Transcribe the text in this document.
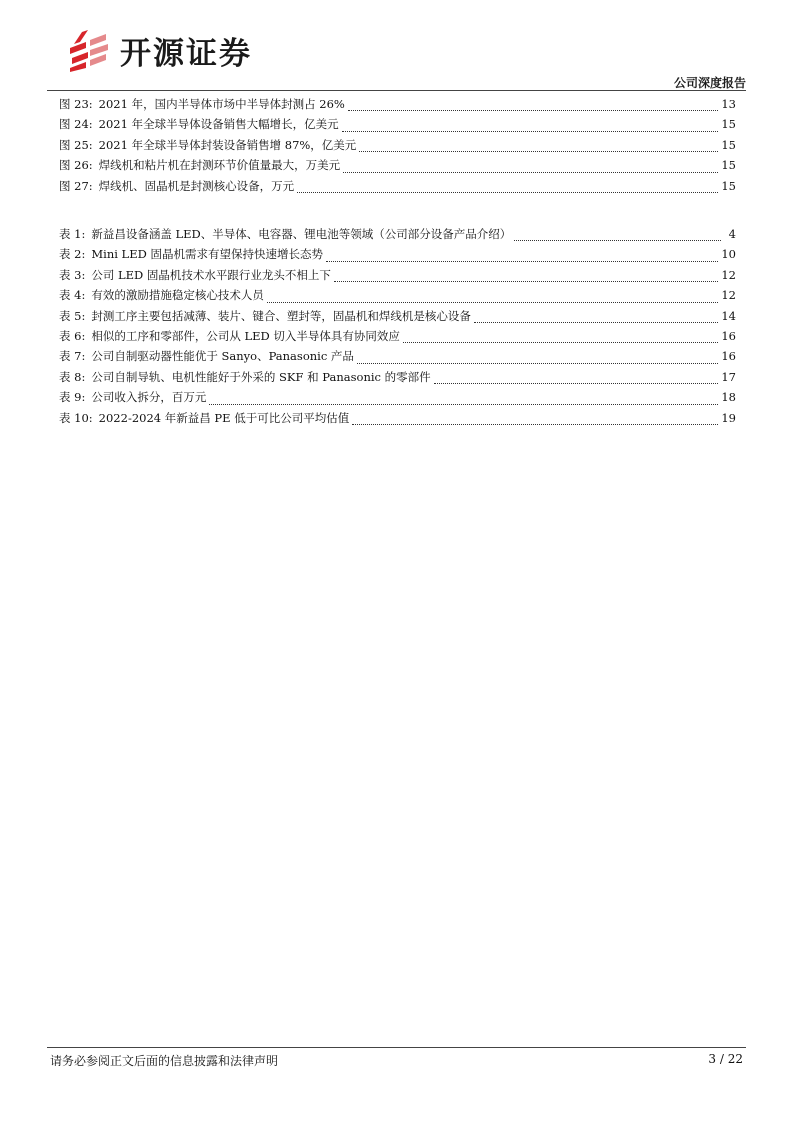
开源证券
公司深度报告
图 23: 2021 年，国内半导体市场中半导体封测占 26%	13
图 24: 2021 年全球半导体设备销售大幅增长，亿美元	15
图 25: 2021 年全球半导体封装设备销售增 87%，亿美元	15
图 26: 焊线机和粘片机在封测环节价值量最大，万美元	15
图 27: 焊线机、固晶机是封测核心设备，万元	15
表 1: 新益昌设备涵盖 LED、半导体、电容器、锂电池等领域（公司部分设备产品介绍）	4
表 2: Mini LED 固晶机需求有望保持快速增长态势	10
表 3: 公司 LED 固晶机技术水平跟行业龙头不相上下	12
表 4: 有效的激励措施稳定核心技术人员	12
表 5: 封测工序主要包括减薄、装片、键合、塑封等，固晶机和焊线机是核心设备	14
表 6: 相似的工序和零部件，公司从 LED 切入半导体具有协同效应	16
表 7: 公司自制驱动器性能优于 Sanyo、Panasonic 产品	16
表 8: 公司自制导轨、电机性能好于外采的 SKF 和 Panasonic 的零部件	17
表 9: 公司收入拆分，百万元	18
表 10: 2022-2024 年新益昌 PE 低于可比公司平均估值	19
请务必参阅正文后面的信息披露和法律声明	3 / 22
